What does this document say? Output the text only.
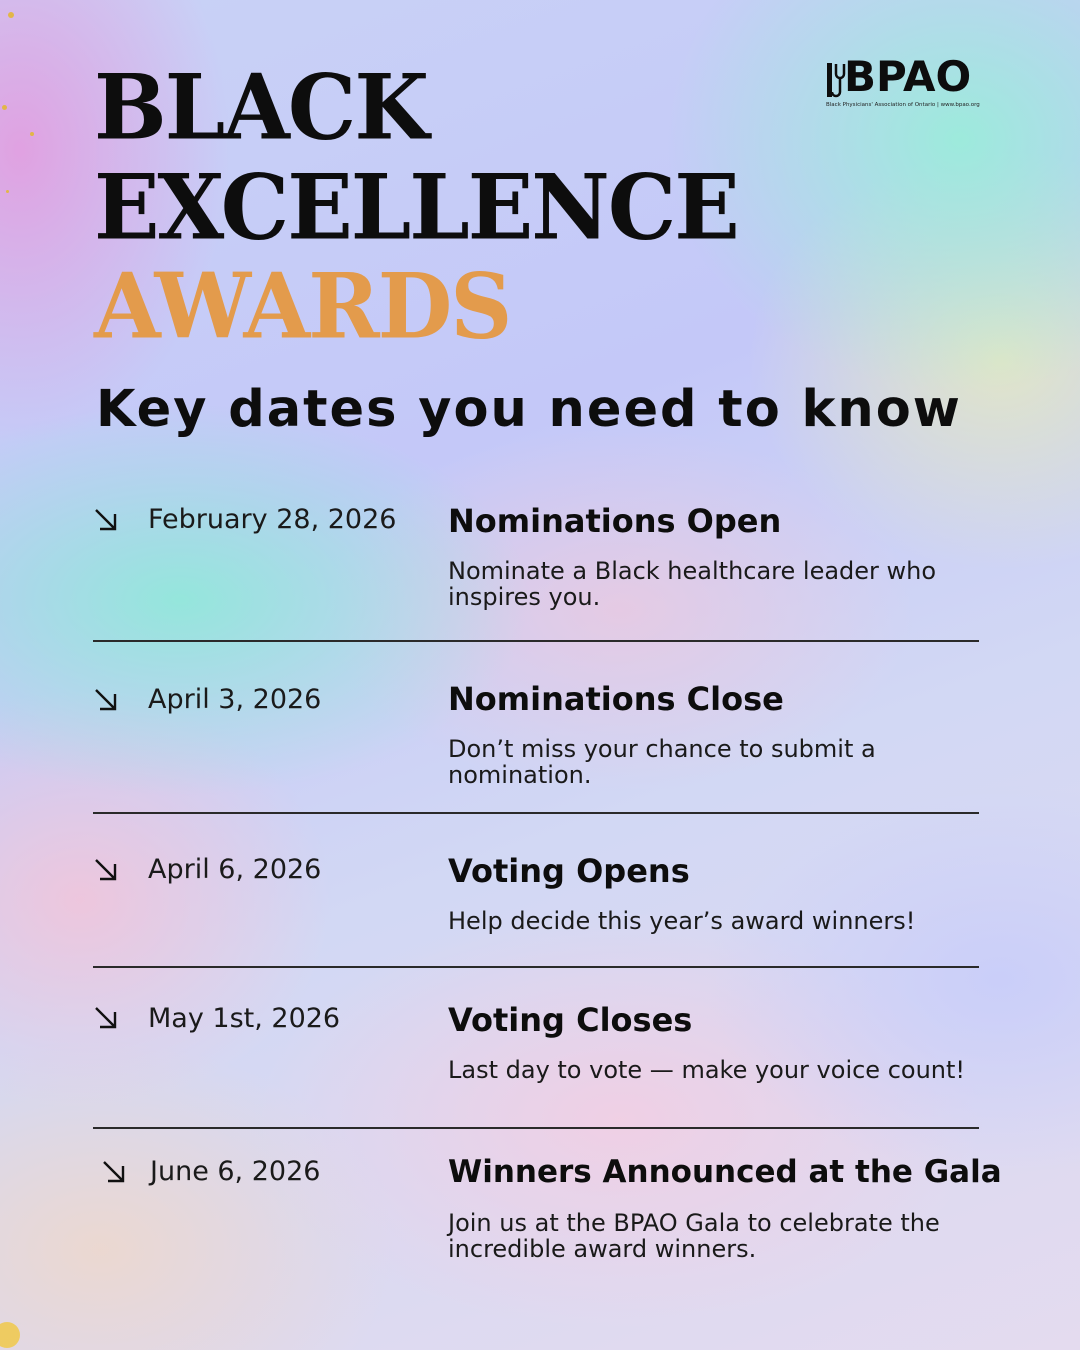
BLACK
EXCELLENCE
AWARDS
Key dates you need to know
BPAO
Black Physicians' Association of Ontario| www.bpao.org
February 28, 2026 Nominations Open

Nominate a Black healthcare leader who inspires you.

April 3, 2026	Nominations Close

Don’t miss your chance to submit a nomination.

April 6, 2026	Voting Opens

Help decide this year’s award winners!

May 1st, 2026	Voting Closes

Last day to vote — make your voice count!

June 6, 2026	Winners Announced at the Gala

Join us at the BPAO Gala to celebrate the incredible award winners.
